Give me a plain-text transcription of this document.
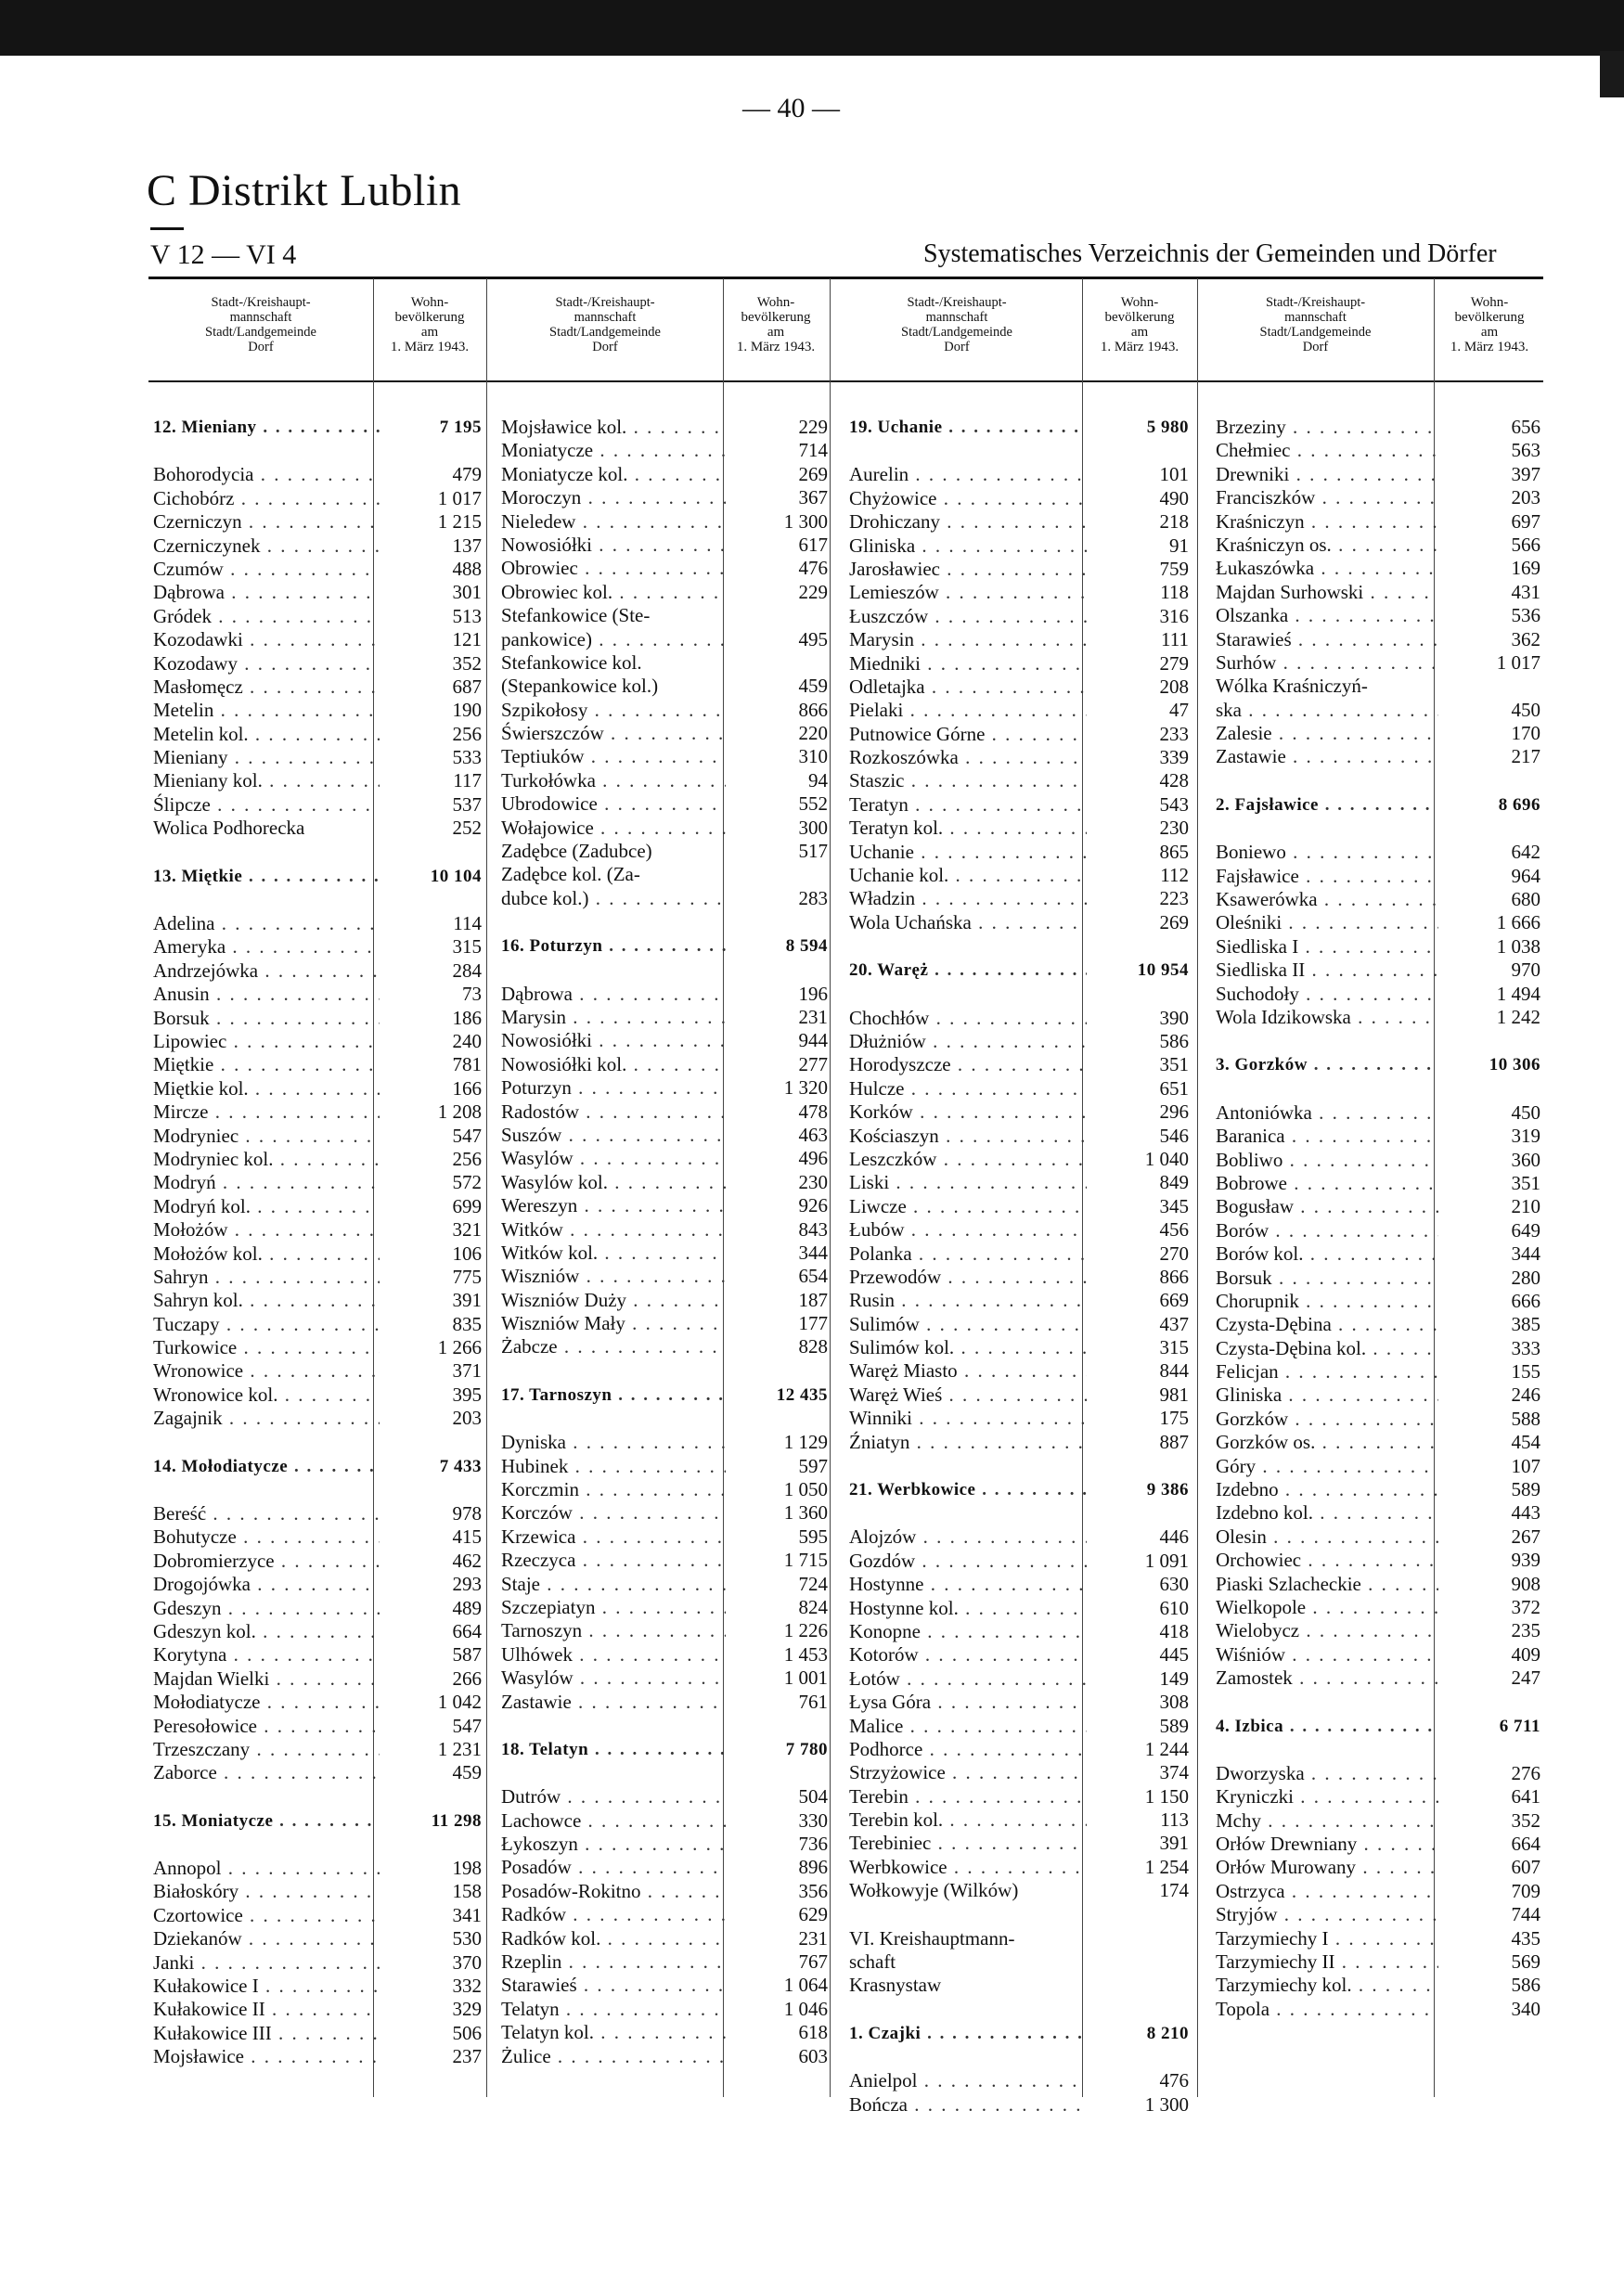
— 40 —
C Distrikt Lublin
V 12 — VI 4	Systematisches Verzeichnis der Gemeinden und Dörfer
Stadt-/Kreishaupt-
mannschaft
Stadt/Landgemeinde
Dorf
Wohn-
bevölkerung
am
1. März 1943.
Stadt-/Kreishaupt-
mannschaft
Stadt/Landgemeinde
Dorf
Wohn-
bevölkerung
am
1. März 1943.
Stadt-/Kreishaupt-
mannschaft
Stadt/Landgemeinde
Dorf
Wohn-
bevölkerung
am
1. März 1943.
Stadt-/Kreishaupt-
mannschaft
Stadt/Landgemeinde
Dorf
Wohn-
bevölkerung
am
1. März 1943.
12. Mieniany . . .	7 195
Bohorodycia . . .	479
Cichobórz . . .	1 017
Czerniczyn . . .	1 215
Czerniczynek . . .	137
Czumów . . .	488
Dąbrowa . . .	301
Gródek . . .	513
Kozodawki . . .	121
Kozodawy . . .	352
Masłomęcz . . .	687
Metelin . . .	190
Metelin kol. . . .	256
Mieniany . . .	533
Mieniany kol. . . .	117
Ślipcze . . .	537
Wolica Podhorecka	252
13. Miętkie . . .	10 104
Adelina . . .	114
Ameryka . . .	315
Andrzejówka . . .	284
Anusin . . .	73
Borsuk . . .	186
Lipowiec . . .	240
Miętkie . . .	781
Miętkie kol. . . .	166
Mircze . . .	1 208
Modryniec . . .	547
Modryniec kol. . . .	256
Modryń . . .	572
Modryń kol. . . .	699
Mołożów . . .	321
Mołożów kol. . . .	106
Sahryn . . .	775
Sahryn kol. . . .	391
Tuczapy . . .	835
Turkowice . . .	1 266
Wronowice . . .	371
Wronowice kol. . . .	395
Zagajnik . . .	203
14. Mołodiatycze . . .	7 433
Bereść . . .	978
Bohutycze . . .	415
Dobromierzyce . . .	462
Drogojówka . . .	293
Gdeszyn . . .	489
Gdeszyn kol. . . .	664
Korytyna . . .	587
Majdan Wielki . . .	266
Mołodiatycze . . .	1 042
Peresołowice . . .	547
Trzeszczany . . .	1 231
Zaborce . . .	459
15. Moniatycze . . .	11 298
Annopol . . .	198
Białoskóry . . .	158
Czortowice . . .	341
Dziekanów . . .	530
Janki . . .	370
Kułakowice I . . .	332
Kułakowice II . . .	329
Kułakowice III . . .	506
Mojsławice . . .	237
Mojsławice kol. . . .	229
Moniatycze . . .	714
Moniatycze kol. . . .	269
Moroczyn . . .	367
Nieledew . . .	1 300
Nowosiółki . . .	617
Obrowiec . . .	476
Obrowiec kol. . . .	229
Stefankowice (Ste-
pankowice) . . .	495
Stefankowice kol.
(Stepankowice kol.)	459
Szpikołosy . . .	866
Świerszczów . . .	220
Teptiuków . . .	310
Turkołówka . . .	94
Ubrodowice . . .	552
Wołajowice . . .	300
Zadębce (Zadubce)	517
Zadębce kol. (Za-
dubce kol.) . . .	283
16. Poturzyn . . .	8 594
Dąbrowa . . .	196
Marysin . . .	231
Nowosiółki . . .	944
Nowosiółki kol. . . .	277
Poturzyn . . .	1 320
Radostów . . .	478
Suszów . . .	463
Wasylów . . .	496
Wasylów kol. . . .	230
Wereszyn . . .	926
Witków . . .	843
Witków kol. . . .	344
Wiszniów . . .	654
Wiszniów Duży . . .	187
Wiszniów Mały . . .	177
Żabcze . . .	828
17. Tarnoszyn . . .	12 435
Dyniska . . .	1 129
Hubinek . . .	597
Korczmin . . .	1 050
Korczów . . .	1 360
Krzewica . . .	595
Rzeczyca . . .	1 715
Staje . . .	724
Szczepiatyn . . .	824
Tarnoszyn . . .	1 226
Ulhówek . . .	1 453
Wasylów . . .	1 001
Zastawie . . .	761
18. Telatyn . . .	7 780
Dutrów . . .	504
Lachowce . . .	330
Łykoszyn . . .	736
Posadów . . .	896
Posadów-Rokitno . . .	356
Radków . . .	629
Radków kol. . . .	231
Rzeplin . . .	767
Starawieś . . .	1 064
Telatyn . . .	1 046
Telatyn kol. . . .	618
Żulice . . .	603
19. Uchanie . . .	5 980
Aurelin . . .	101
Chyżowice . . .	490
Drohiczany . . .	218
Gliniska . . .	91
Jarosławiec . . .	759
Lemieszów . . .	118
Łuszczów . . .	316
Marysin . . .	111
Miedniki . . .	279
Odletajka . . .	208
Pielaki . . .	47
Putnowice Górne . . .	233
Rozkoszówka . . .	339
Staszic . . .	428
Teratyn . . .	543
Teratyn kol. . . .	230
Uchanie . . .	865
Uchanie kol. . . .	112
Władzin . . .	223
Wola Uchańska . . .	269
20. Waręż . . .	10 954
Chochłów . . .	390
Dłużniów . . .	586
Horodyszcze . . .	351
Hulcze . . .	651
Korków . . .	296
Kościaszyn . . .	546
Leszczków . . .	1 040
Liski . . .	849
Liwcze . . .	345
Łubów . . .	456
Polanka . . .	270
Przewodów . . .	866
Rusin . . .	669
Sulimów . . .	437
Sulimów kol. . . .	315
Waręż Miasto . . .	844
Waręż Wieś . . .	981
Winniki . . .	175
Źniatyn . . .	887
21. Werbkowice . . .	9 386
Alojzów . . .	446
Gozdów . . .	1 091
Hostynne . . .	630
Hostynne kol. . . .	610
Konopne . . .	418
Kotorów . . .	445
Łotów . . .	149
Łysa Góra . . .	308
Malice . . .	589
Podhorce . . .	1 244
Strzyżowice . . .	374
Terebin . . .	1 150
Terebin kol. . . .	113
Terebiniec . . .	391
Werbkowice . . .	1 254
Wołkowyje (Wilków)	174
VI. Kreishauptmann-
schaft
Krasnystaw
1. Czajki . . .	8 210
Anielpol . . .	476
Bończa . . .	1 300
Brzeziny . . .	656
Chełmiec . . .	563
Drewniki . . .	397
Franciszków . . .	203
Kraśniczyn . . .	697
Kraśniczyn os. . . .	566
Łukaszówka . . .	169
Majdan Surhowski . . .	431
Olszanka . . .	536
Starawieś . . .	362
Surhów . . .	1 017
Wólka Kraśniczyń-
ska . . .	450
Zalesie . . .	170
Zastawie . . .	217
2. Fajsławice . . .	8 696
Boniewo . . .	642
Fajsławice . . .	964
Ksawerówka . . .	680
Oleśniki . . .	1 666
Siedliska I . . .	1 038
Siedliska II . . .	970
Suchodoły . . .	1 494
Wola Idzikowska . . .	1 242
3. Gorzków . . .	10 306
Antoniówka . . .	450
Baranica . . .	319
Bobliwo . . .	360
Bobrowe . . .	351
Bogusław . . .	210
Borów . . .	649
Borów kol. . . .	344
Borsuk . . .	280
Chorupnik . . .	666
Czysta-Dębina . . .	385
Czysta-Dębina kol. . . .	333
Felicjan . . .	155
Gliniska . . .	246
Gorzków . . .	588
Gorzków os. . . .	454
Góry . . .	107
Izdebno . . .	589
Izdebno kol. . . .	443
Olesin . . .	267
Orchowiec . . .	939
Piaski Szlacheckie . . .	908
Wielkopole . . .	372
Wielobycz . . .	235
Wiśniów . . .	409
Zamostek . . .	247
4. Izbica . . .	6 711
Dworzyska . . .	276
Kryniczki . . .	641
Mchy . . .	352
Orłów Drewniany . . .	664
Orłów Murowany . . .	607
Ostrzyca . . .	709
Stryjów . . .	744
Tarzymiechy I . . .	435
Tarzymiechy II . . .	569
Tarzymiechy kol. . . .	586
Topola . . .	340
